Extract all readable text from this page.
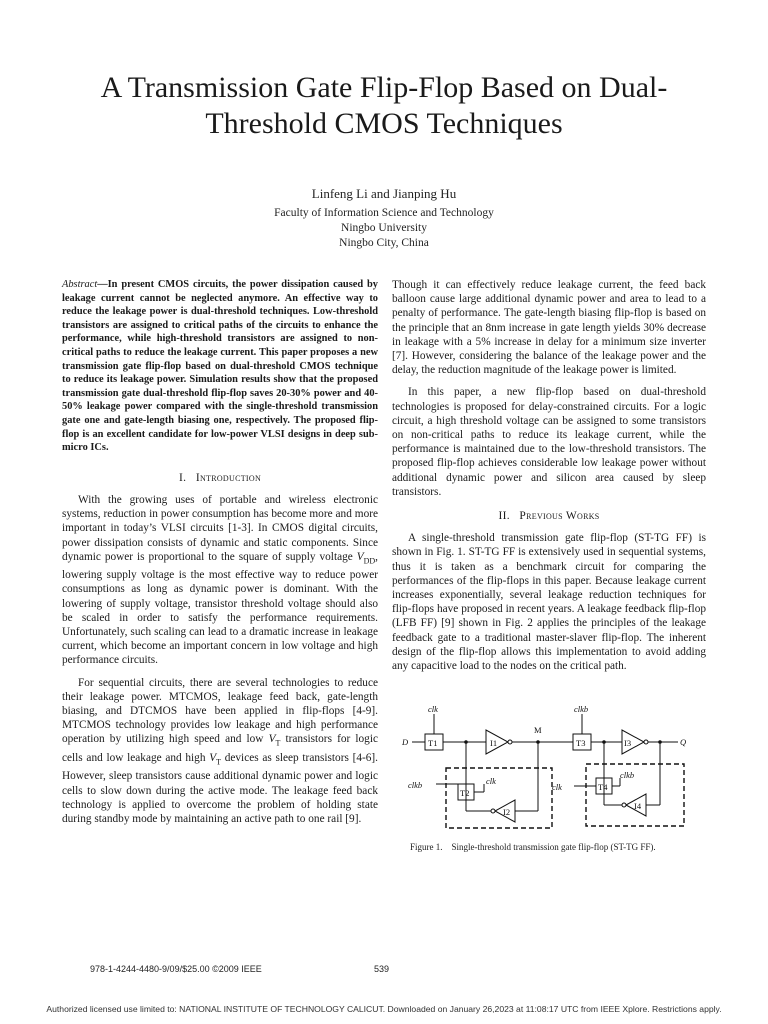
A Transmission Gate Flip-Flop Based on Dual-Threshold CMOS Techniques
Linfeng Li and Jianping Hu
Faculty of Information Science and Technology
Ningbo University
Ningbo City, China

Abstract—In present CMOS circuits, the power dissipation caused by leakage current cannot be neglected anymore. An effective way to reduce the leakage power is dual-threshold techniques. Low-threshold transistors are assigned to critical paths of the circuits to enhance the performance, while high-threshold transistors are assigned to non-critical paths to reduce the leakage current. This paper proposes a new transmission gate flip-flop based on dual-threshold CMOS technique to reduce its leakage power. Simulation results show that the proposed transmission gate dual-threshold flip-flop saves 20-30% power and 40-50% leakage power compared with the single-threshold transmission gate one and gate-length biasing one, respectively. The proposed flip-flop is an excellent candidate for low-power VLSI designs in deep sub-micro ICs.

I. Introduction

With the growing uses of portable and wireless electronic systems, reduction in power consumption has become more and more important in today’s VLSI circuits [1-3]. In CMOS digital circuits, power dissipation consists of dynamic and static components. Since dynamic power is proportional to the square of supply voltage $V_{DD}$, lowering supply voltage is the most effective way to reduce power consumptions as long as dynamic power is dominant. With the lowering of supply voltage, transistor threshold voltage should also be scaled in order to satisfy the performance requirements. Unfortunately, such scaling can lead to a dramatic increase in leakage current, which become an important concern in low voltage and high performance circuits.

For sequential circuits, there are several technologies to reduce their leakage power. MTCMOS, leakage feed back, gate-length biasing, and DTCMOS have been applied in flip-flops [4-9]. MTCMOS technology provides low leakage and high performance operation by utilizing high speed and low $V_T$ transistors for logic cells and low leakage and high $V_T$ devices as sleep transistors [4-6]. However, sleep transistors cause additional dynamic power and logic cells to slow down during the active mode. The leakage feed back technology is applied to overcome the problem of holding state during standby mode by maintaining an active path to one rail [9].

Though it can effectively reduce leakage current, the feed back balloon cause large additional dynamic power and area to lead to a penalty of performance. The gate-length biasing flip-flop is based on the principle that an 8nm increase in gate length yields 30% decrease in leakage with a 5% increase in delay for a minimum size inverter [7]. However, considering the balance of the leakage power and the delay, the reduction magnitude of the leakage power is limited.

In this paper, a new flip-flop based on dual-threshold technologies is proposed for delay-constrained circuits. For a logic circuit, a high threshold voltage can be assigned to some transistors on non-critical paths to reduce its leakage current, while the performance is maintained due to the low-threshold transistors. The proposed flip-flop achieves considerable low leakage power without additional dynamic power and silicon area caused by sleep transistors.

II. Previous Works

A single-threshold transmission gate flip-flop (ST-TG FF) is shown in Fig. 1. ST-TG FF is extensively used in sequential systems, thus it is taken as a benchmark circuit for comparing the performances of the flip-flops in this paper. Because leakage current increases exponentially, several leakage reduction techniques for flip-flops have proposed in recent years. A leakage feedback flip-flop (LFB FF) [9] shown in Fig. 2 applies the principles of the leakage feedback gate to a traditional master-slaver flip-flop. The inherent design of the flip-flop allows this implementation to avoid adding any capacitive load to the nodes on the critical path.

clk	clkb
D	Q
clkb	clk
clk
clkb
M
T1
T2
T3
T4
I1
I2
I3
I4
Figure 1. Single-threshold transmission gate flip-flop (ST-TG FF).
978-1-4244-4480-9/09/$25.00 ©2009 IEEE	539
Authorized licensed use limited to: NATIONAL INSTITUTE OF TECHNOLOGY CALICUT. Downloaded on January 26,2023 at 11:08:17 UTC from IEEE Xplore. Restrictions apply.
